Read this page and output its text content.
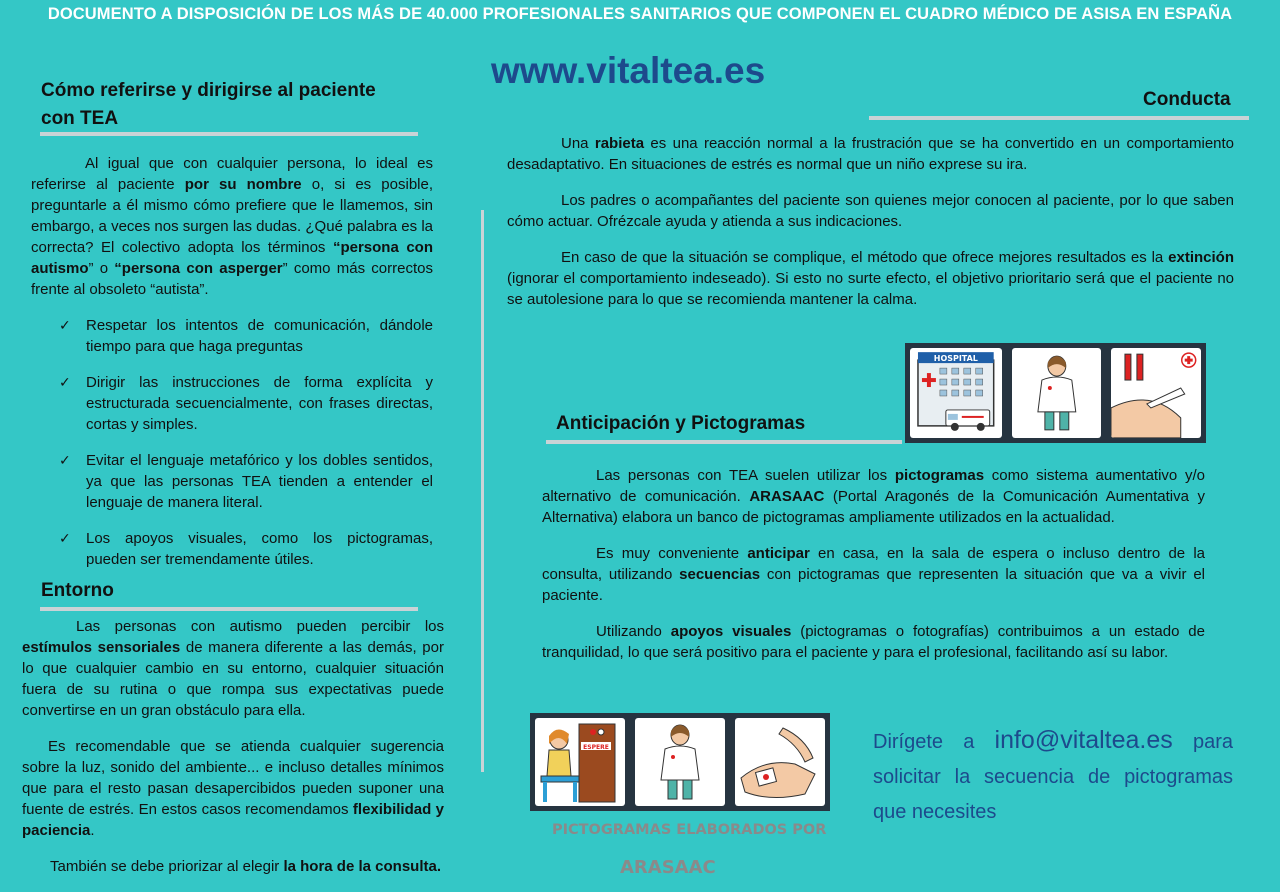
DOCUMENTO A DISPOSICIÓN DE LOS MÁS DE 40.000 PROFESIONALES SANITARIOS QUE COMPONEN EL CUADRO MÉDICO DE ASISA EN ESPAÑA
www.vitaltea.es
Cómo referirse y dirigirse al paciente
con TEA

Al igual que con cualquier persona, lo ideal es referirse al paciente por su nombre o, si es posible, preguntarle a él mismo cómo prefiere que le llamemos, sin embargo, a veces nos surgen las dudas. ¿Qué palabra es la correcta? El colectivo adopta los términos “persona con autismo” o “persona con asperger” como más correctos frente al obsoleto “autista”.

✓ Respetar los intentos de comunicación, dándole tiempo para que haga preguntas
✓ Dirigir las instrucciones de forma explícita y estructurada secuencialmente, con frases directas, cortas y simples.
✓ Evitar el lenguaje metafórico y los dobles sentidos, ya que las personas TEA tienden a entender el lenguaje de manera literal.
✓ Los apoyos visuales, como los pictogramas, pueden ser tremendamente útiles.
Entorno

Las personas con autismo pueden percibir los estímulos sensoriales de manera diferente a las demás, por lo que cualquier cambio en su entorno, cualquier situación fuera de su rutina o que rompa sus expectativas puede convertirse en un gran obstáculo para ella.

Es recomendable que se atienda cualquier sugerencia sobre la luz, sonido del ambiente... e incluso detalles mínimos que para el resto pasan desapercibidos pueden suponer una fuente de estrés. En estos casos recomendamos flexibilidad y paciencia.

También se debe priorizar al elegir la hora de la consulta.

Conducta

Una rabieta es una reacción normal a la frustración que se ha convertido en un comportamiento desadaptativo. En situaciones de estrés es normal que un niño exprese su ira.

Los padres o acompañantes del paciente son quienes mejor conocen al paciente, por lo que saben cómo actuar. Ofrézcale ayuda y atienda a sus indicaciones.

En caso de que la situación se complique, el método que ofrece mejores resultados es la extinción (ignorar el comportamiento indeseado). Si esto no surte efecto, el objetivo prioritario será que el paciente no se autolesione para lo que se recomienda mantener la calma.

HOSPITAL
Anticipación y Pictogramas

Las personas con TEA suelen utilizar los pictogramas como sistema aumentativo y/o alternativo de comunicación. ARASAAC (Portal Aragonés de la Comunicación Aumentativa y Alternativa) elabora un banco de pictogramas ampliamente utilizados en la actualidad.

Es muy conveniente anticipar en casa, en la sala de espera o incluso dentro de la consulta, utilizando secuencias con pictogramas que representen la situación que va a vivir el paciente.

Utilizando apoyos visuales (pictogramas o fotografías) contribuimos a un estado de tranquilidad, lo que será positivo para el paciente y para el profesional, facilitando así su labor.

ESPERE
PICTOGRAMAS ELABORADOS POR
ARASAAC
Dirígete a info@vitaltea.es para solicitar la secuencia de pictogramas que necesites
